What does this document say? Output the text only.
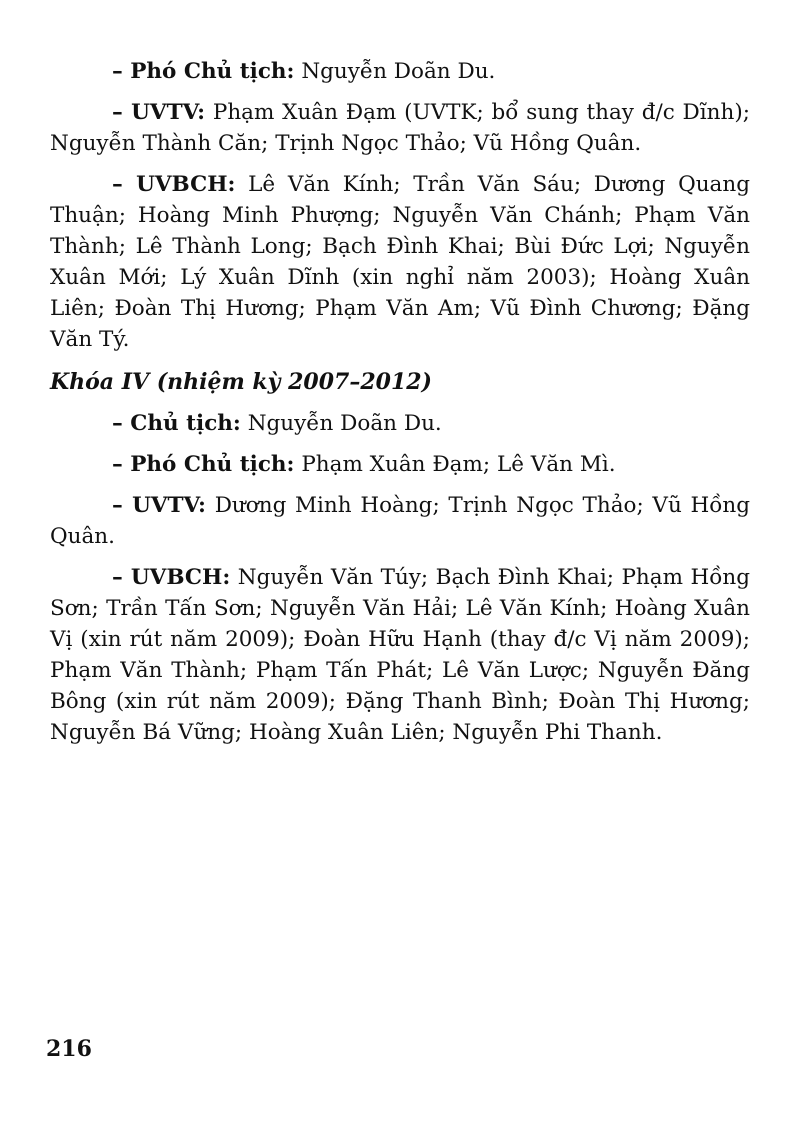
– Phó Chủ tịch: Nguyễn Doãn Du.

– UVTV: Phạm Xuân Đạm (UVTK; bổ sung thay đ/c Dĩnh); Nguyễn Thành Căn; Trịnh Ngọc Thảo; Vũ Hồng Quân.

– UVBCH: Lê Văn Kính; Trần Văn Sáu; Dương Quang Thuận; Hoàng Minh Phượng; Nguyễn Văn Chánh; Phạm Văn Thành; Lê Thành Long; Bạch Đình Khai; Bùi Đức Lợi; Nguyễn Xuân Mới; Lý Xuân Dĩnh (xin nghỉ năm 2003); Hoàng Xuân Liên; Đoàn Thị Hương; Phạm Văn Am; Vũ Đình Chương; Đặng Văn Tý.

Khóa IV (nhiệm kỳ 2007–2012)

– Chủ tịch: Nguyễn Doãn Du.

– Phó Chủ tịch: Phạm Xuân Đạm; Lê Văn Mì.

– UVTV: Dương Minh Hoàng; Trịnh Ngọc Thảo; Vũ Hồng Quân.

– UVBCH: Nguyễn Văn Túy; Bạch Đình Khai; Phạm Hồng Sơn; Trần Tấn Sơn; Nguyễn Văn Hải; Lê Văn Kính; Hoàng Xuân Vị (xin rút năm 2009); Đoàn Hữu Hạnh (thay đ/c Vị năm 2009); Phạm Văn Thành; Phạm Tấn Phát; Lê Văn Lược; Nguyễn Đăng Bông (xin rút năm 2009); Đặng Thanh Bình; Đoàn Thị Hương; Nguyễn Bá Vững; Hoàng Xuân Liên; Nguyễn Phi Thanh.

216
